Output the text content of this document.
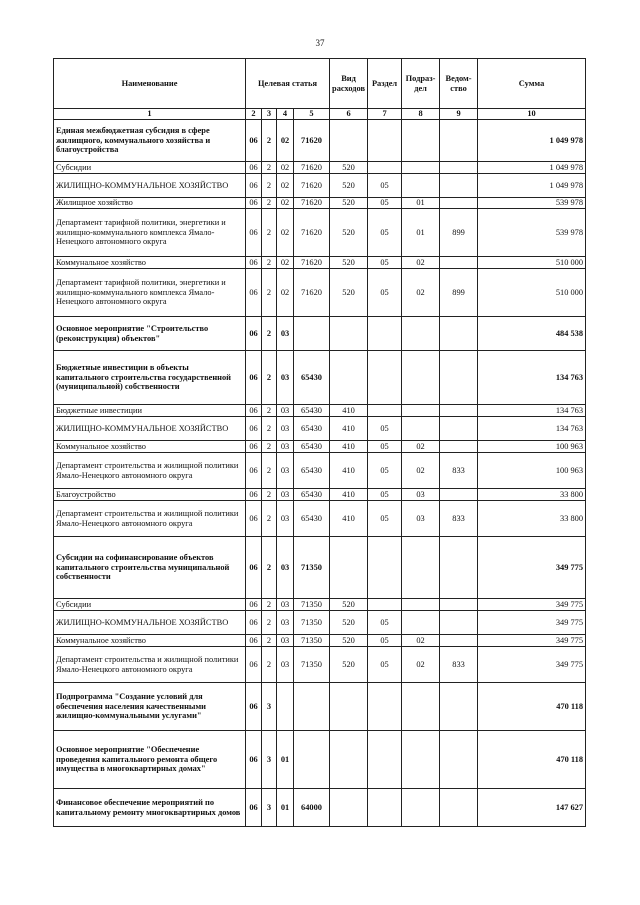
37
Наименование	Целевая статья				Вид расходов	Раздел	Подраз-дел	Ведом-ство	Сумма
1	2	3	4	5	6	7	8	9	10
Единая межбюджетная субсидия в сфере жилищного, коммунального хозяйства и благоустройства	06	2	02	71620					1 049 978
Субсидии	06	2	02	71620	520				1 049 978
ЖИЛИЩНО-КОММУНАЛЬНОЕ ХОЗЯЙСТВО	06	2	02	71620	520	05			1 049 978
Жилищное хозяйство	06	2	02	71620	520	05	01		539 978
Департамент тарифной политики, энергетики и жилищно-коммунального комплекса Ямало-Ненецкого автономного округа	06	2	02	71620	520	05	01	899	539 978
Коммунальное хозяйство	06	2	02	71620	520	05	02		510 000
Департамент тарифной политики, энергетики и жилищно-коммунального комплекса Ямало-Ненецкого автономного округа	06	2	02	71620	520	05	02	899	510 000
Основное мероприятие "Строительство (реконструкция) объектов"	06	2	03						484 538
Бюджетные инвестиции в объекты капитального строительства государственной (муниципальной) собственности	06	2	03	65430					134 763
Бюджетные инвестиции	06	2	03	65430	410				134 763
ЖИЛИЩНО-КОММУНАЛЬНОЕ ХОЗЯЙСТВО	06	2	03	65430	410	05			134 763
Коммунальное хозяйство	06	2	03	65430	410	05	02		100 963
Департамент строительства и жилищной политики Ямало-Ненецкого автономного округа	06	2	03	65430	410	05	02	833	100 963
Благоустройство	06	2	03	65430	410	05	03		33 800
Департамент строительства и жилищной политики Ямало-Ненецкого автономного округа	06	2	03	65430	410	05	03	833	33 800
Субсидии на софинансирование объектов капитального строительства муниципальной собственности	06	2	03	71350					349 775
Субсидии	06	2	03	71350	520				349 775
ЖИЛИЩНО-КОММУНАЛЬНОЕ ХОЗЯЙСТВО	06	2	03	71350	520	05			349 775
Коммунальное хозяйство	06	2	03	71350	520	05	02		349 775
Департамент строительства и жилищной политики Ямало-Ненецкого автономного округа	06	2	03	71350	520	05	02	833	349 775
Подпрограмма "Создание условий для обеспечения населения качественными жилищно-коммунальными услугами"	06	3							470 118
Основное мероприятие "Обеспечение проведения капитального ремонта общего имущества в многоквартирных домах"	06	3	01						470 118
Финансовое обеспечение мероприятий по капитальному ремонту многоквартирных домов	06	3	01	64000					147 627
